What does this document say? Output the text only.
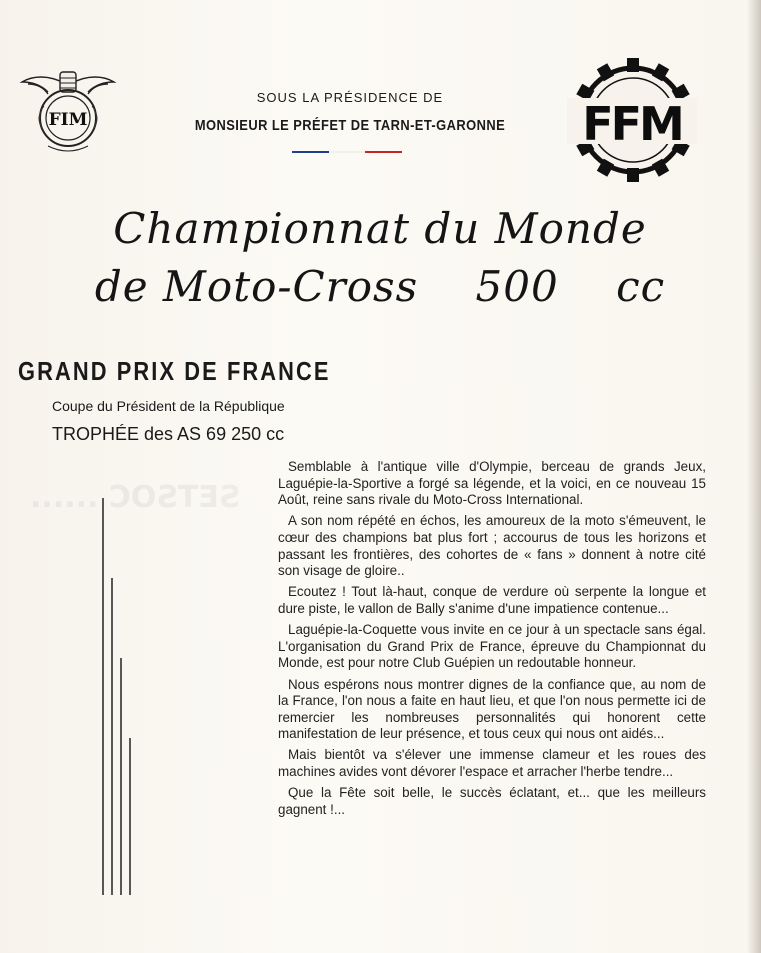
SETSOC ......
FIM	FFM
SOUS LA PRÉSIDENCE DE
MONSIEUR LE PRÉFET DE TARN-ET-GARONNE
Championnat du Monde
de Moto-Cross    500    cc
GRAND PRIX DE FRANCE
Coupe du Président de la République
TROPHÉE des AS 69 250 cc

Semblable à l'antique ville d'Olympie, berceau de grands Jeux, Laguépie-la-Sportive a forgé sa légende, et la voici, en ce nouveau 15 Août, reine sans rivale du Moto-Cross International.

A son nom répété en échos, les amoureux de la moto s'émeuvent, le cœur des champions bat plus fort ; accourus de tous les horizons et passant les frontières, des cohortes de « fans » donnent à notre cité son visage de gloire..

Ecoutez ! Tout là-haut, conque de verdure où serpente la longue et dure piste, le vallon de Bally s'anime d'une impatience contenue...

Laguépie-la-Coquette vous invite en ce jour à un spectacle sans égal. L'organisation du Grand Prix de France, épreuve du Championnat du Monde, est pour notre Club Guépien un redoutable honneur.

Nous espérons nous montrer dignes de la confiance que, au nom de la France, l'on nous a faite en haut lieu, et que l'on nous permette ici de remercier les nombreuses personnalités qui honorent cette manifestation de leur présence, et tous ceux qui nous ont aidés...

Mais bientôt va s'élever une immense clameur et les roues des machines avides vont dévorer l'espace et arracher l'herbe tendre...

Que la Fête soit belle, le succès éclatant, et... que les meilleurs gagnent !...
